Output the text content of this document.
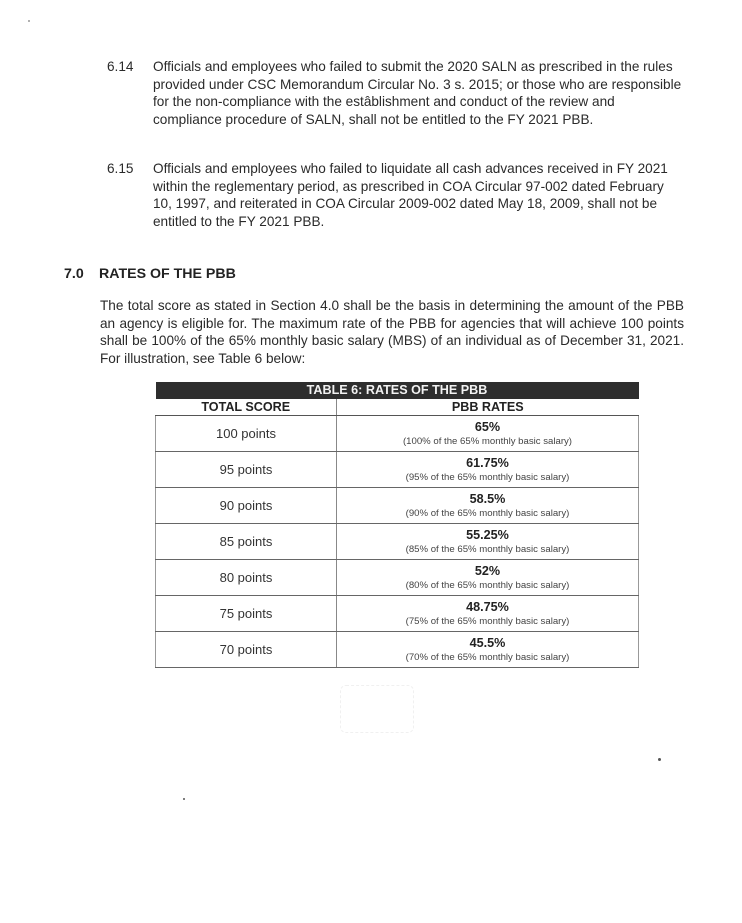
6.14 Officials and employees who failed to submit the 2020 SALN as prescribed in the rules provided under CSC Memorandum Circular No. 3 s. 2015; or those who are responsible for the non-compliance with the estâblishment and conduct of the review and compliance procedure of SALN, shall not be entitled to the FY 2021 PBB.
6.15 Officials and employees who failed to liquidate all cash advances received in FY 2021 within the reglementary period, as prescribed in COA Circular 97-002 dated February 10, 1997, and reiterated in COA Circular 2009-002 dated May 18, 2009, shall not be entitled to the FY 2021 PBB.
7.0 RATES OF THE PBB
The total score as stated in Section 4.0 shall be the basis in determining the amount of the PBB an agency is eligible for. The maximum rate of the PBB for agencies that will achieve 100 points shall be 100% of the 65% monthly basic salary (MBS) of an individual as of December 31, 2021. For illustration, see Table 6 below:
TABLE 6: RATES OF THE PBB	
TOTAL SCORE	PBB RATES
100 points	65%
(100% of the 65% monthly basic salary)

95 points	61.75%
(95% of the 65% monthly basic salary)

90 points	58.5%
(90% of the 65% monthly basic salary)

85 points	55.25%
(85% of the 65% monthly basic salary)

80 points	52%
(80% of the 65% monthly basic salary)

75 points	48.75%
(75% of the 65% monthly basic salary)

70 points	45.5%
(70% of the 65% monthly basic salary)
